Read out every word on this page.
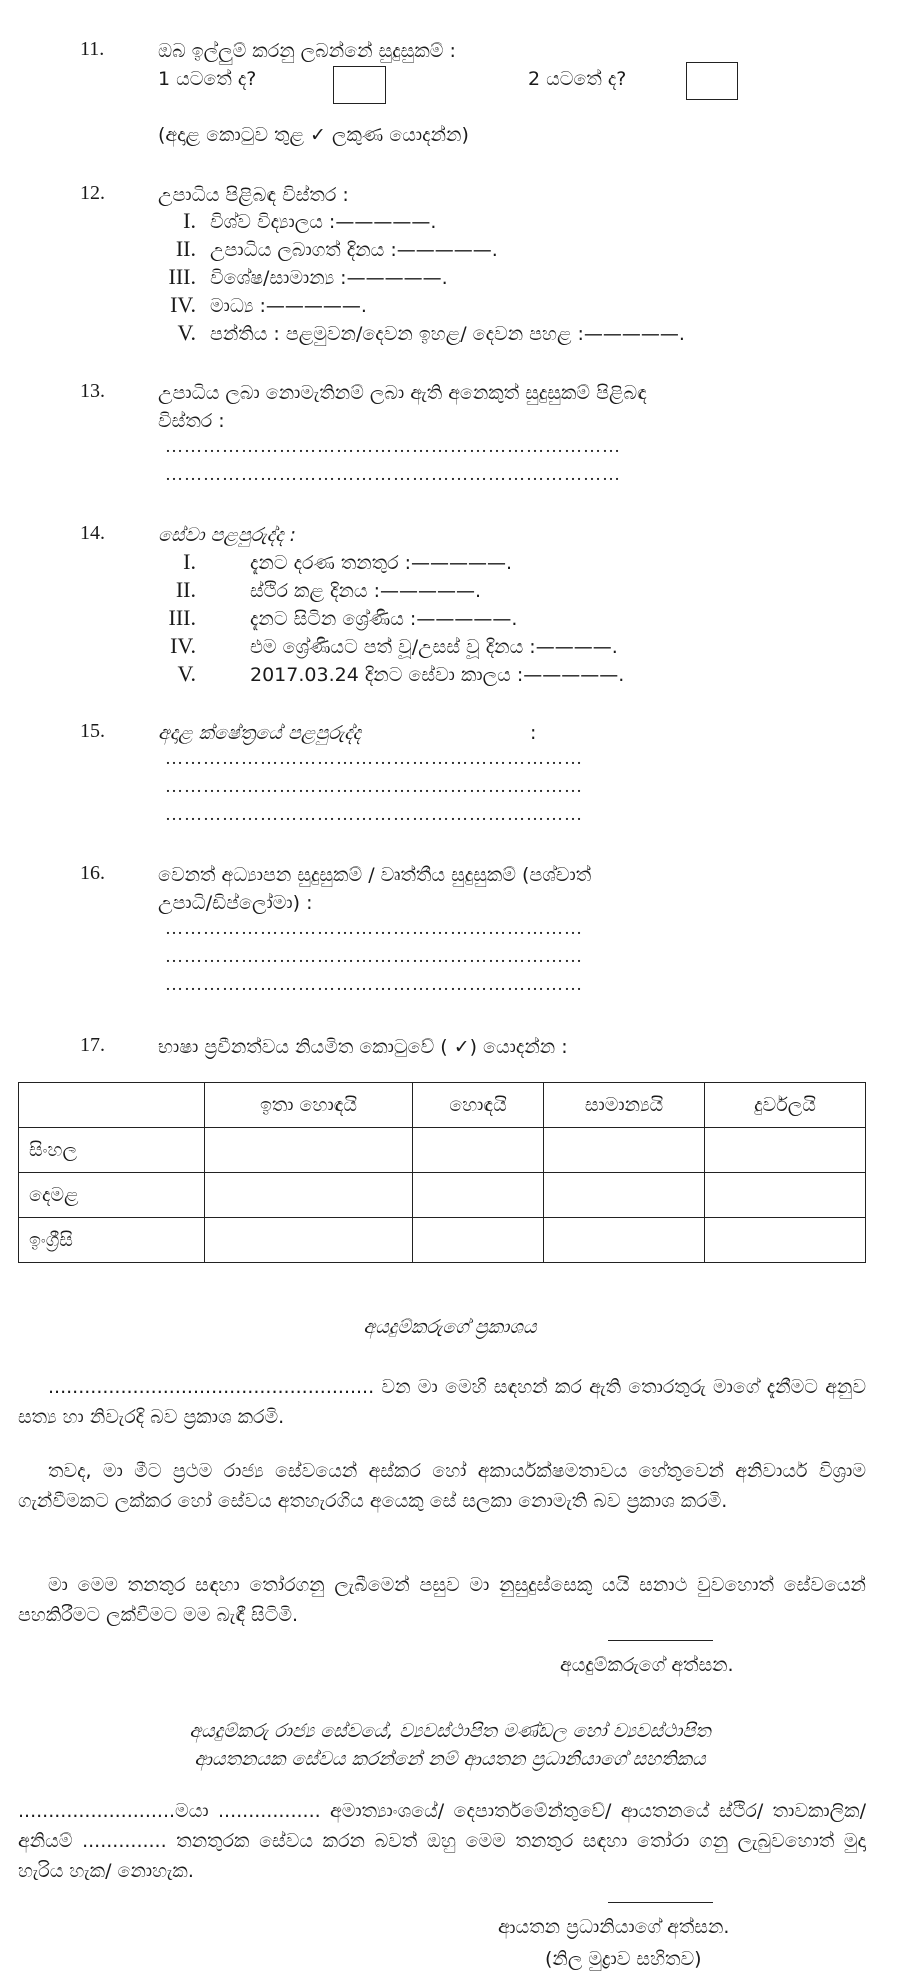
11.	ඔබ ඉල්ලුම් කරනු ලබන්නේ සුදුසුකම් :
1 යටතේ ද?	2 යටතේ ද?
(අදාළ කොටුව තුළ ✓ ලකුණ යොදන්න)
12.	උපාධිය පිළිබඳ විස්තර :
I. විශ්ව විද්‍යාලය :—————.
II. උපාධිය ලබාගත් දිනය :—————.
III. විශේෂ/සාමාන්‍ය :—————.
IV. මාධ්‍ය :—————.
V. පන්තිය : පළමුවන/දෙවන ඉහළ/ දෙවන පහළ :—————.
13.	උපාධිය ලබා නොමැතිනම් ලබා ඇති අනෙකුත් සුදුසුකම් පිළිබඳ
විස්තර :
………………………………………………………………
………………………………………………………………
14.	සේවා පළපුරුද්ද :
I.	දැනට දරණ තනතුර :—————.
II.	ස්ථිර කළ දිනය :—————.
III.	දැනට සිටින ශ්‍රේණිය :—————.
IV.	එම ශ්‍රේණියට පත් වූ/උසස් වූ දිනය :————.
V.	2017.03.24 දිනට සේවා කාලය :—————.
15.	අදාළ ක්ෂේත්‍රයේ පළපුරුද්ද	:
…………………………………………………………
…………………………………………………………
…………………………………………………………
16.	වෙනත් අධ්‍යාපන සුදුසුකම් / වෘත්තීය සුදුසුකම් (පශ්චාත්
උපාධි/ඩිප්ලෝමා) :
…………………………………………………………
…………………………………………………………
…………………………………………………………
17.	භාෂා ප්‍රවීනත්වය නියමිත කොටුවේ ( ✓) යොදන්න :
	ඉතා හොඳයි	හොඳයි	සාමාන්‍යයි	දුර්වලයි
සිංහල				
දෙමළ				
ඉංග්‍රීසි				
අයදුම්කරුගේ ප්‍රකාශය
...................................................... වන මා මෙහි සඳහන් කර ඇති තොරතුරු මාගේ දැනීමට අනුව සත්‍ය හා නිවැරදි බව ප්‍රකාශ කරමි.
තවද, මා මීට ප්‍රථම රාජ්‍ය සේවයෙන් අස්කර හෝ අකාර්යක්ෂමතාවය හේතුවෙන් අනිවාර්ය විශ්‍රාම ගැන්වීමකට ලක්කර හෝ සේවය අතහැරගිය අයෙකු සේ සලකා නොමැති බව ප්‍රකාශ කරමි.
මා මෙම තනතුර සඳහා තෝරගනු ලැබීමෙන් පසුව මා නුසුදුස්සෙකු යයි සනාථ වුවහොත් සේවයෙන් පහකිරීමට ලක්වීමට මම බැඳී සිටිමි.
අයදුම්කරුගේ අත්සන.
අයදුම්කරු රාජ්‍ය සේවයේ, ව්‍යවස්ථාපිත මණ්ඩල හෝ ව්‍යවස්ථාපිත
ආයතනයක සේවය කරන්නේ නම් ආයතන ප්‍රධානියාගේ සහතිකය
..........................මයා ................. අමාත්‍යාංශයේ/ දෙපාර්තමේන්තුවේ/ ආයතනයේ ස්ථිර/ තාවකාලික/ අනියම් .............. තනතුරක සේවය කරන බවත් ඔහු මෙම තනතුර සඳහා තෝරා ගනු ලැබුවහොත් මුදා හැරිය හැක/ නොහැක.
ආයතන ප්‍රධානියාගේ අත්සන.
(නිල මුද්‍රාව සහිතව)
